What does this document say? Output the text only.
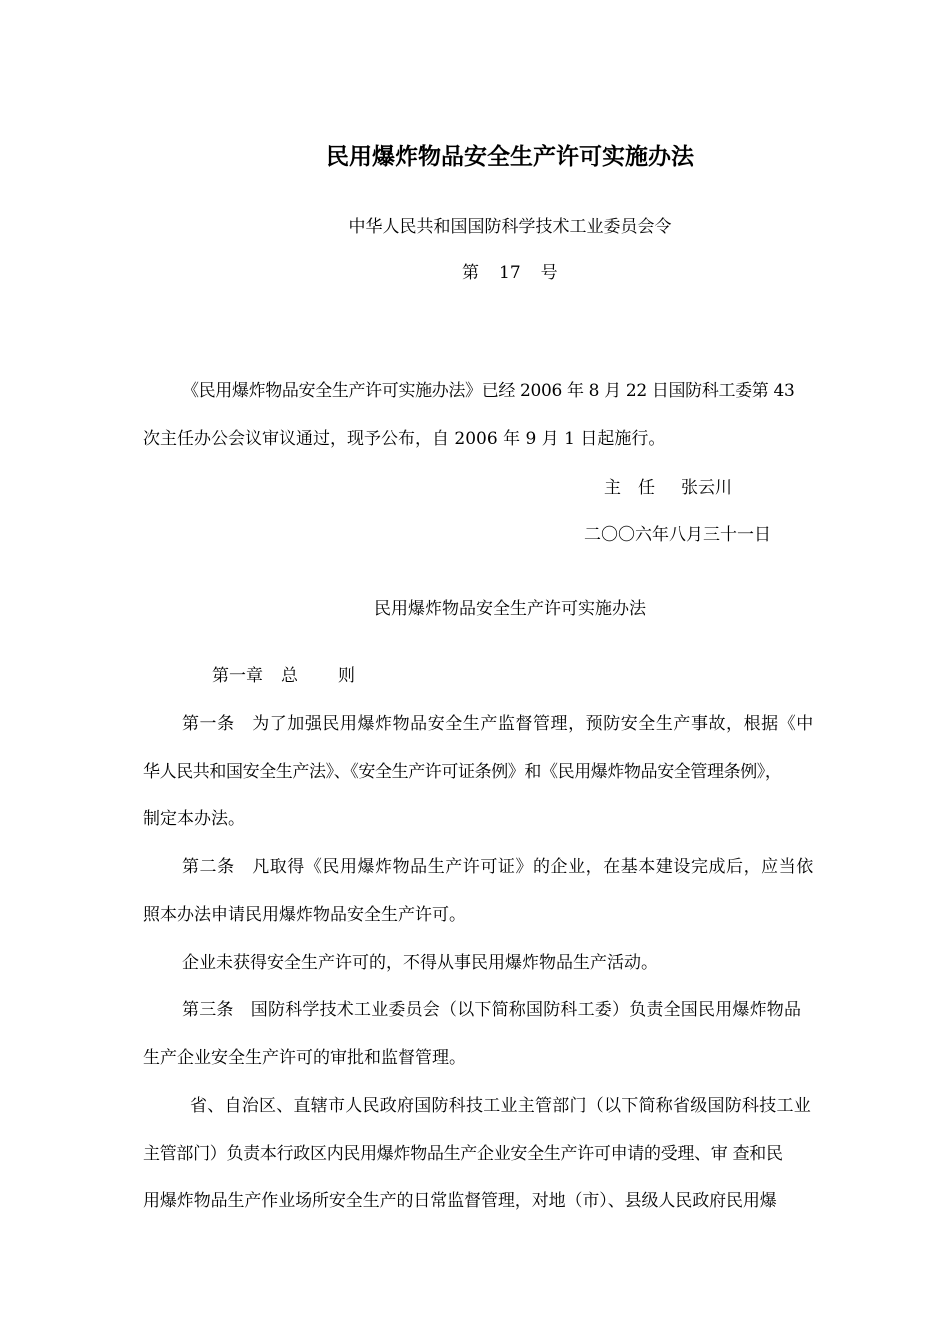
民用爆炸物品安全生产许可实施办法
中华人民共和国国防科学技术工业委员会令
第 17 号
《民用爆炸物品安全生产许可实施办法》已经 2006 年 8 月 22 日国防科工委第 43
次主任办公会议审议通过，现予公布，自 2006 年 9 月 1 日起施行。
主　任 张云川
二〇〇六年八月三十一日
民用爆炸物品安全生产许可实施办法
第一章 总 则
第一条　为了加强民用爆炸物品安全生产监督管理，预防安全生产事故，根据《中
华人民共和国安全生产法》、《安全生产许可证条例》和《民用爆炸物品安全管理条例》，
制定本办法。
第二条　凡取得《民用爆炸物品生产许可证》的企业，在基本建设完成后，应当依
照本办法申请民用爆炸物品安全生产许可。
企业未获得安全生产许可的，不得从事民用爆炸物品生产活动。
第三条　国防科学技术工业委员会（以下简称国防科工委）负责全国民用爆炸物品
生产企业安全生产许可的审批和监督管理。
省、自治区、直辖市人民政府国防科技工业主管部门（以下简称省级国防科技工业
主管部门）负责本行政区内民用爆炸物品生产企业安全生产许可申请的受理、审 查和民
用爆炸物品生产作业场所安全生产的日常监督管理，对地（市）、县级人民政府民用爆
